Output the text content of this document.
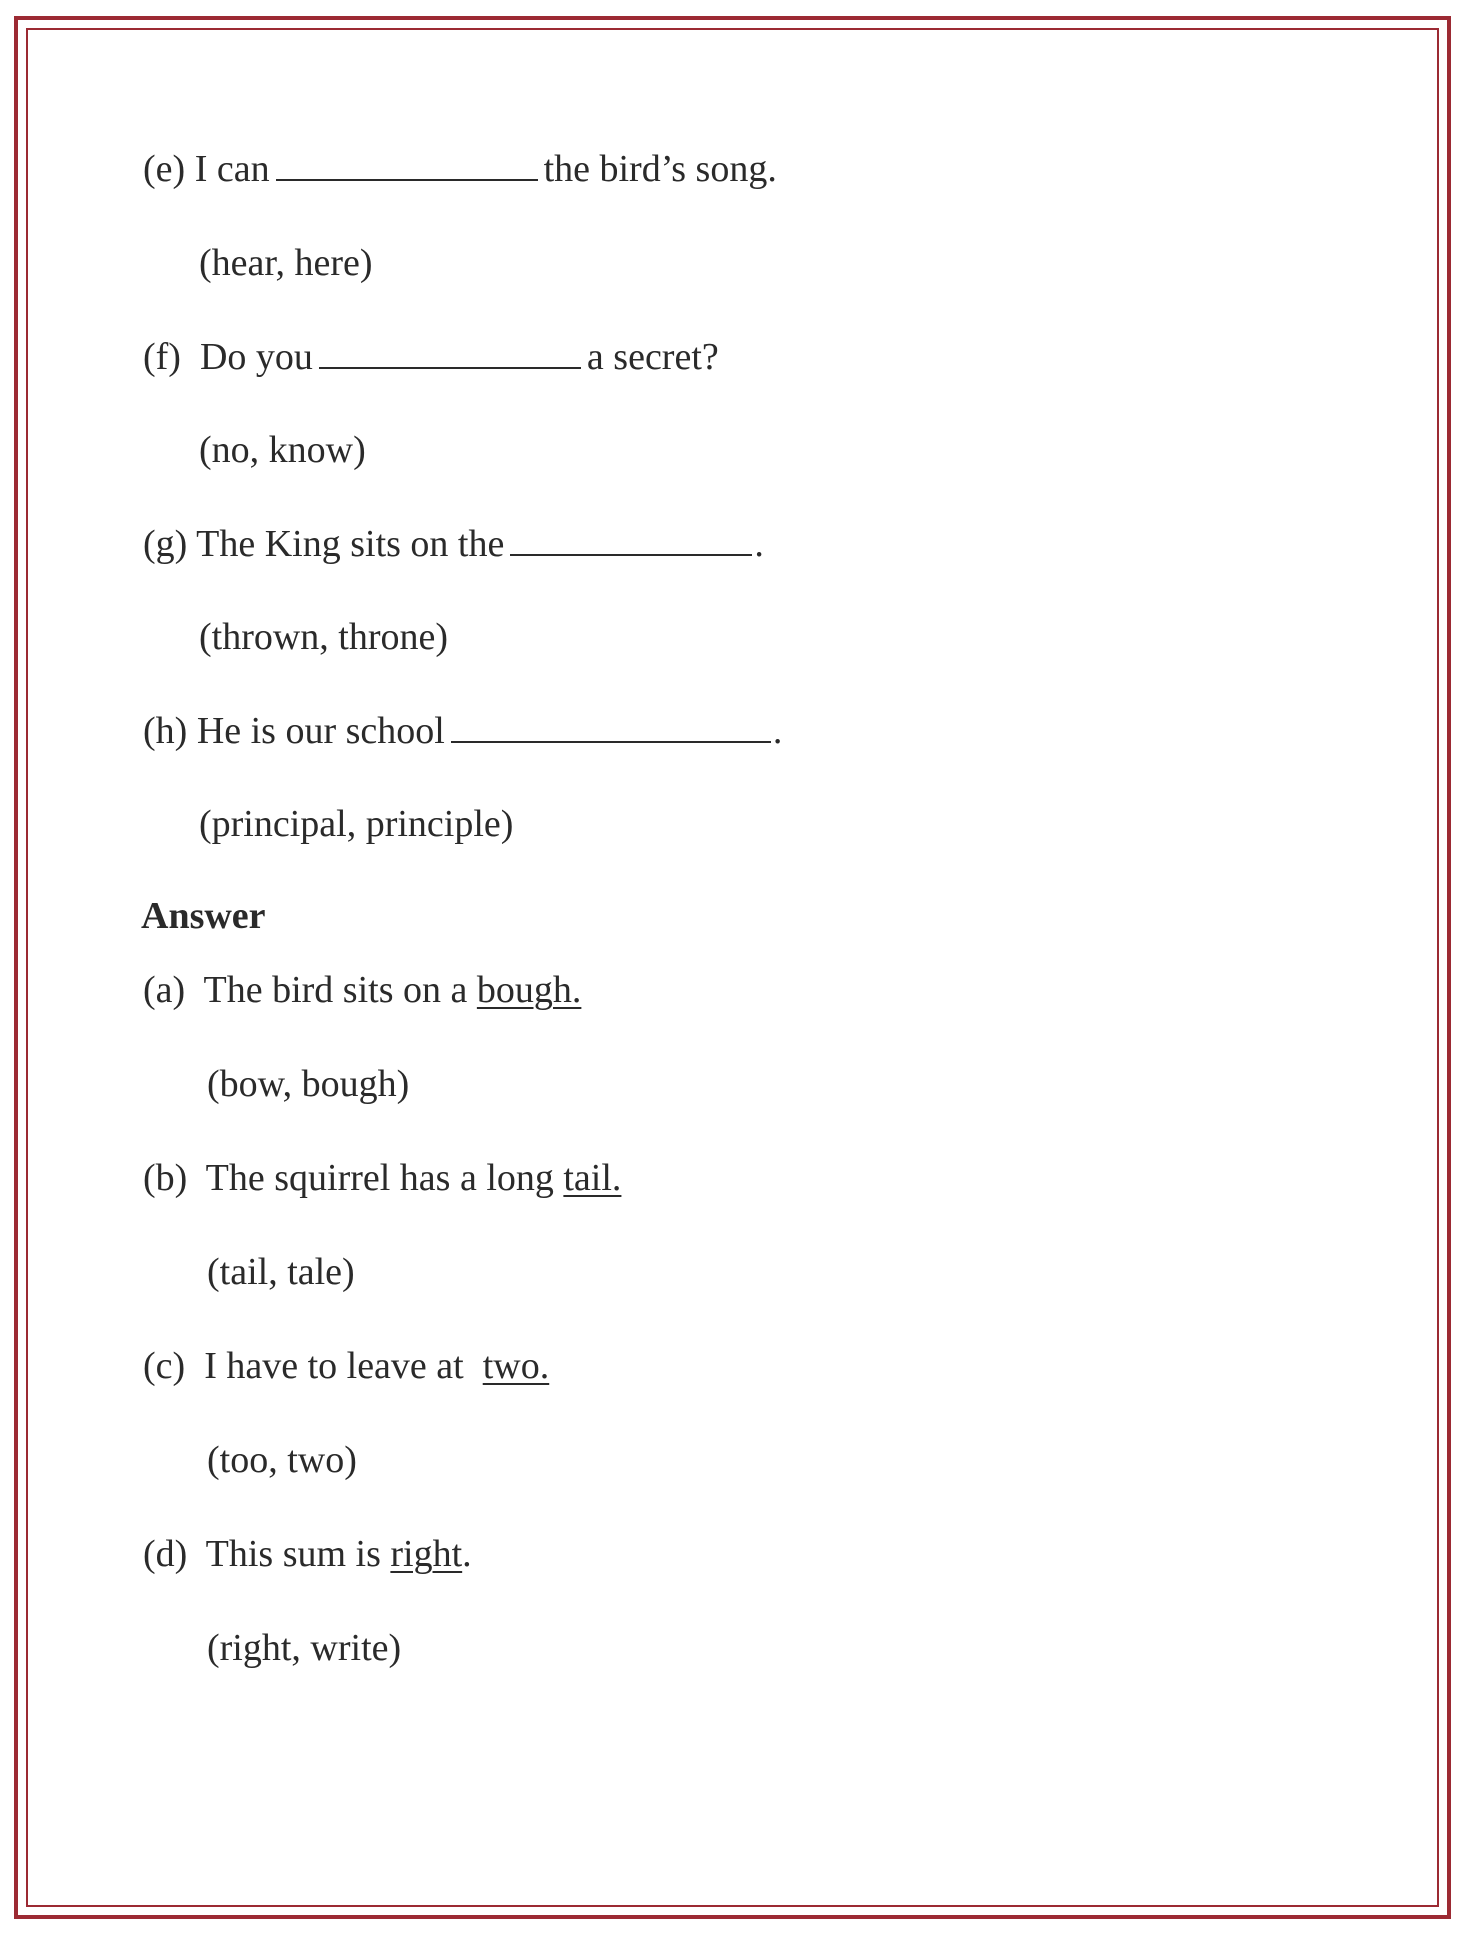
(e) I can	the bird’s song.
(hear, here)
(f) Do you	a secret?
(no, know)
(g) The King sits on the	.
(thrown, throne)
(h) He is our school	.
(principal, principle)
Answer
(a) The bird sits on a bough.
(bow, bough)
(b) The squirrel has a long tail.
(tail, tale)
(c) I have to leave at  two.
(too, two)
(d) This sum is right.
(right, write)
